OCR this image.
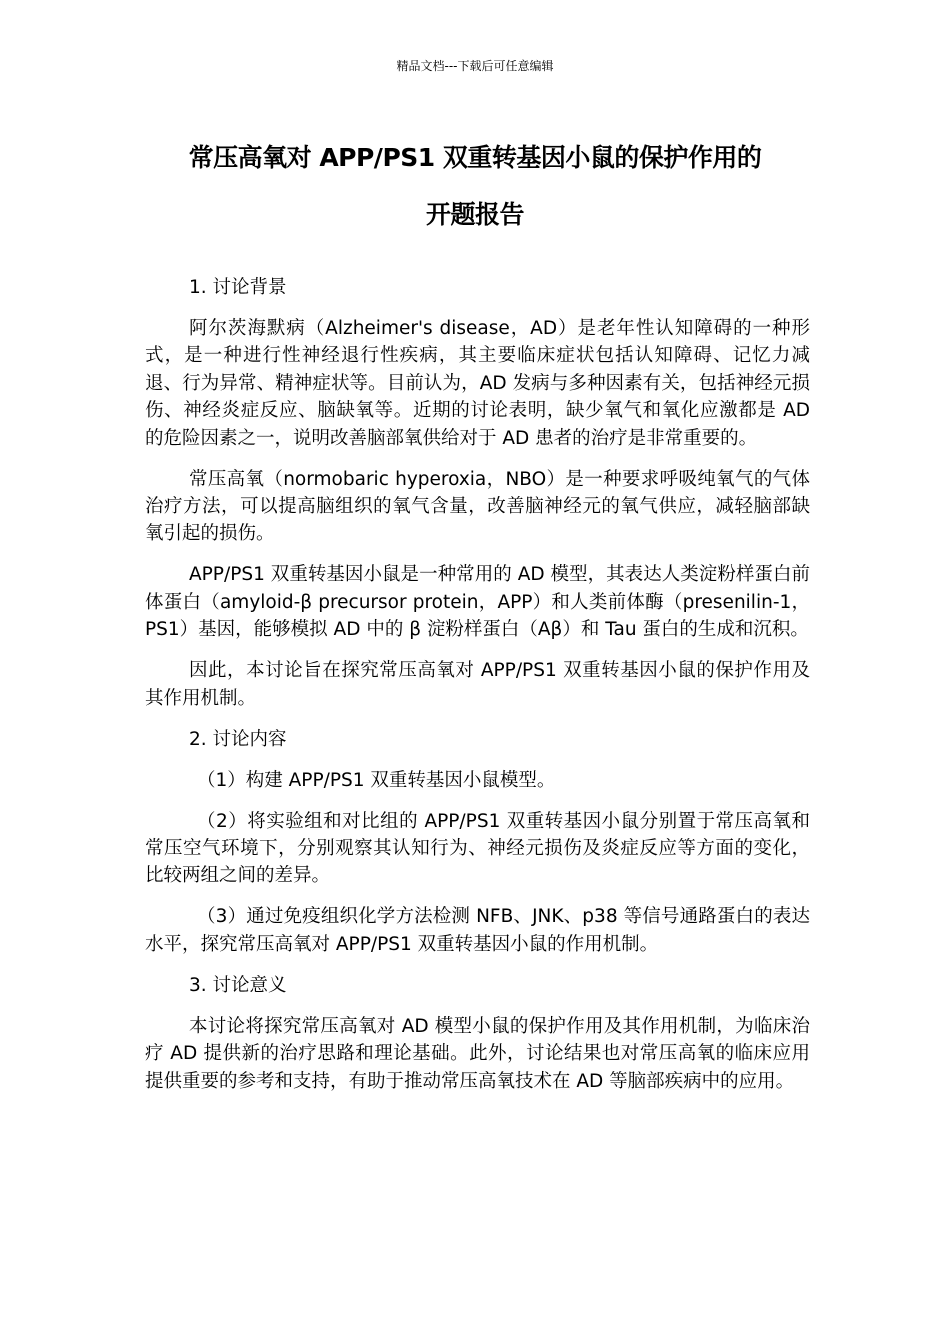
精品文档---下载后可任意编辑
常压高氧对 APP/PS1 双重转基因小鼠的保护作用的
开题报告

1. 讨论背景

阿尔茨海默病（Alzheimer's disease，AD）是老年性认知障碍的一种形式，是一种进行性神经退行性疾病，其主要临床症状包括认知障碍、记忆力减退、行为异常、精神症状等。目前认为，AD 发病与多种因素有关，包括神经元损伤、神经炎症反应、脑缺氧等。近期的讨论表明，缺少氧气和氧化应激都是 AD 的危险因素之一，说明改善脑部氧供给对于 AD 患者的治疗是非常重要的。

常压高氧（normobaric hyperoxia，NBO）是一种要求呼吸纯氧气的气体治疗方法，可以提高脑组织的氧气含量，改善脑神经元的氧气供应，减轻脑部缺氧引起的损伤。

APP/PS1 双重转基因小鼠是一种常用的 AD 模型，其表达人类淀粉样蛋白前体蛋白（amyloid-β precursor protein，APP）和人类前体酶（presenilin-1，PS1）基因，能够模拟 AD 中的 β 淀粉样蛋白（Aβ）和 Tau 蛋白的生成和沉积。

因此，本讨论旨在探究常压高氧对 APP/PS1 双重转基因小鼠的保护作用及其作用机制。

2. 讨论内容

（1）构建 APP/PS1 双重转基因小鼠模型。

（2）将实验组和对比组的 APP/PS1 双重转基因小鼠分别置于常压高氧和常压空气环境下，分别观察其认知行为、神经元损伤及炎症反应等方面的变化，比较两组之间的差异。

（3）通过免疫组织化学方法检测 NFB、JNK、p38 等信号通路蛋白的表达水平，探究常压高氧对 APP/PS1 双重转基因小鼠的作用机制。

3. 讨论意义

本讨论将探究常压高氧对 AD 模型小鼠的保护作用及其作用机制，为临床治疗 AD 提供新的治疗思路和理论基础。此外，讨论结果也对常压高氧的临床应用提供重要的参考和支持，有助于推动常压高氧技术在 AD 等脑部疾病中的应用。
